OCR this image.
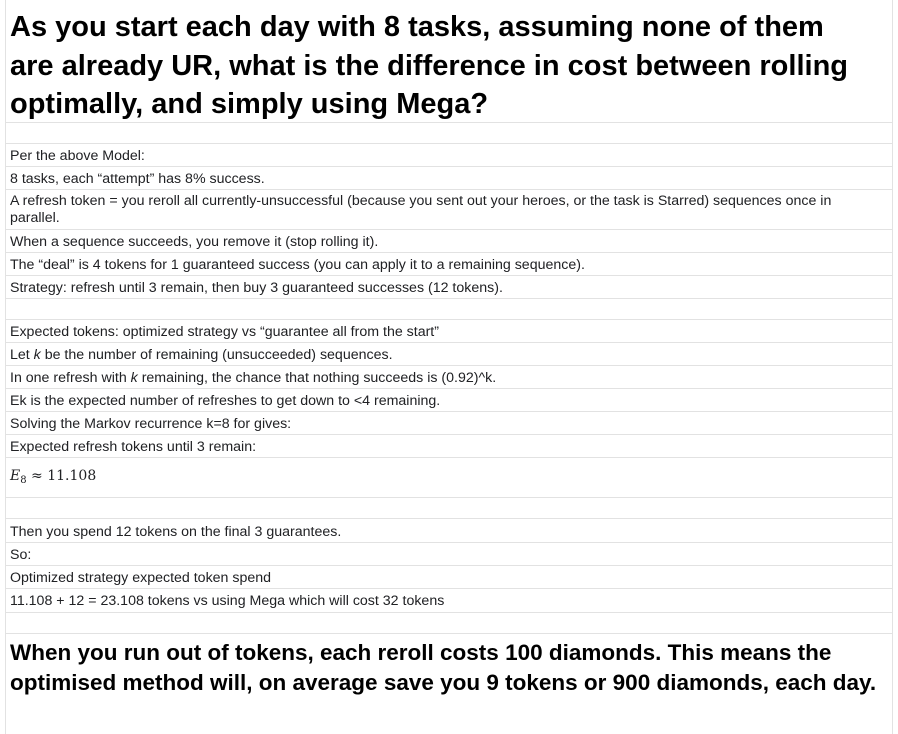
As you start each day with 8 tasks, assuming none of them are already UR, what is the difference in cost between rolling optimally, and simply using Mega?
Per the above Model:
8 tasks, each “attempt” has 8% success.
A refresh token = you reroll all currently-unsuccessful (because you sent out your heroes, or the task is Starred) sequences once in parallel.
When a sequence succeeds, you remove it (stop rolling it).
The “deal” is 4 tokens for 1 guaranteed success (you can apply it to a remaining sequence).
Strategy: refresh until 3 remain, then buy 3 guaranteed successes (12 tokens).
Expected tokens: optimized strategy vs “guarantee all from the start”
Let k be the number of remaining (unsucceeded) sequences.
In one refresh with k remaining, the chance that nothing succeeds is (0.92)^k.
Ek is the expected number of refreshes to get down to <4 remaining.
Solving the Markov recurrence k=8 for gives:
Expected refresh tokens until 3 remain:
$E_8 \approx 11.108$
Then you spend 12 tokens on the final 3 guarantees.
So:
Optimized strategy expected token spend
11.108 + 12 = 23.108 tokens vs using Mega which will cost 32 tokens
When you run out of tokens, each reroll costs 100 diamonds. This means the optimised method will, on average save you 9 tokens or 900 diamonds, each day.
